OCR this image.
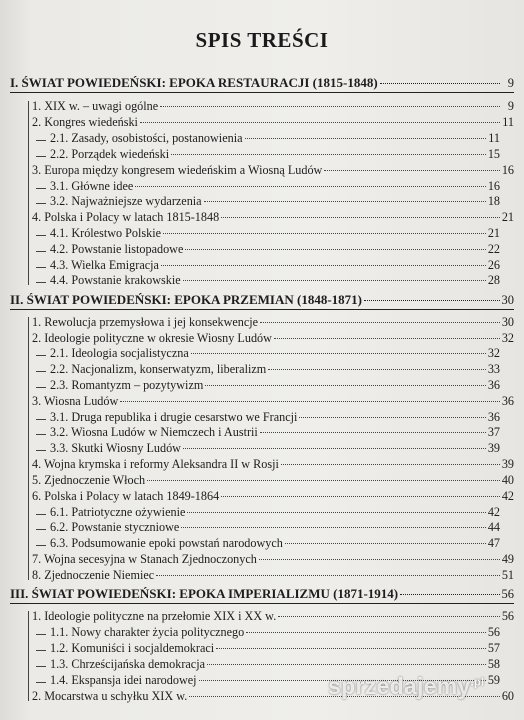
SPIS TREŚCI
I. ŚWIAT POWIEDEŃSKI: EPOKA RESTAURACJI (1815-1848)	9
1. XIX w. – uwagi ogólne	9
2. Kongres wiedeński	11
2.1. Zasady, osobistości, postanowienia	11
2.2. Porządek wiedeński	15
3. Europa między kongresem wiedeńskim a Wiosną Ludów	16
3.1. Główne idee	16
3.2. Najważniejsze wydarzenia	18
4. Polska i Polacy w latach 1815-1848	21
4.1. Królestwo Polskie	21
4.2. Powstanie listopadowe	22
4.3. Wielka Emigracja	26
4.4. Powstanie krakowskie	28
II. ŚWIAT POWIEDEŃSKI: EPOKA PRZEMIAN (1848-1871)	30
1. Rewolucja przemysłowa i jej konsekwencje	30
2. Ideologie polityczne w okresie Wiosny Ludów	32
2.1. Ideologia socjalistyczna	32
2.2. Nacjonalizm, konserwatyzm, liberalizm	33
2.3. Romantyzm – pozytywizm	36
3. Wiosna Ludów	36
3.1. Druga republika i drugie cesarstwo we Francji	36
3.2. Wiosna Ludów w Niemczech i Austrii	37
3.3. Skutki Wiosny Ludów	39
4. Wojna krymska i reformy Aleksandra II w Rosji	39
5. Zjednoczenie Włoch	40
6. Polska i Polacy w latach 1849-1864	42
6.1. Patriotyczne ożywienie	42
6.2. Powstanie styczniowe	44
6.3. Podsumowanie epoki powstań narodowych	47
7. Wojna secesyjna w Stanach Zjednoczonych	49
8. Zjednoczenie Niemiec	51
III. ŚWIAT POWIEDEŃSKI: EPOKA IMPERIALIZMU (1871-1914)	56
1. Ideologie polityczne na przełomie XIX i XX w.	56
1.1. Nowy charakter życia politycznego	56
1.2. Komuniści i socjaldemokraci	57
1.3. Chrześcijańska demokracja	58
1.4. Ekspansja idei narodowej	59
2. Mocarstwa u schyłku XIX w.	60
sprzedajemy$^{.pl}$
